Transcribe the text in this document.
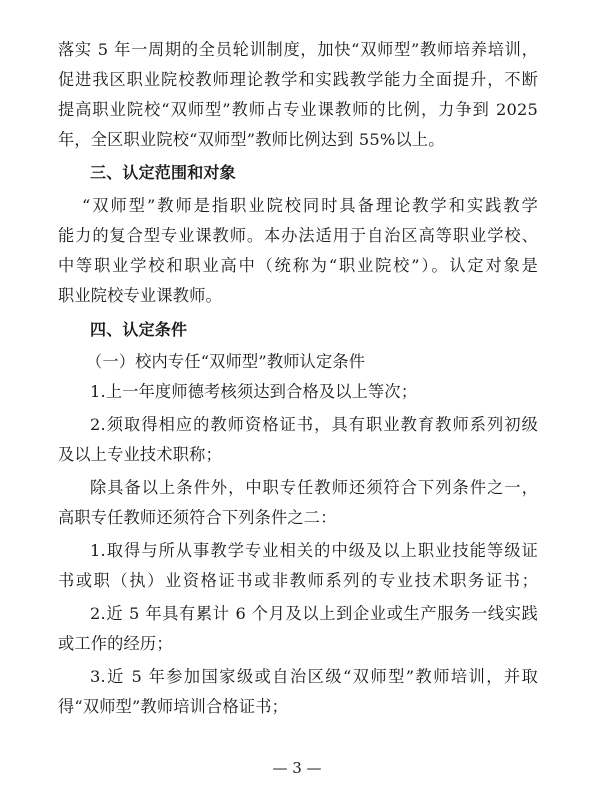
落实 5 年一周期的全员轮训制度，加快“双师型”教师培养培训，
促进我区职业院校教师理论教学和实践教学能力全面提升，不断
提高职业院校“双师型”教师占专业课教师的比例，力争到 2025
年，全区职业院校“双师型”教师比例达到 55%以上。
三、认定范围和对象
“双师型”教师是指职业院校同时具备理论教学和实践教学
能力的复合型专业课教师。本办法适用于自治区高等职业学校、
中等职业学校和职业高中（统称为“职业院校”）。认定对象是
职业院校专业课教师。
四、认定条件
（一）校内专任“双师型”教师认定条件
1.上一年度师德考核须达到合格及以上等次；
2.须取得相应的教师资格证书，具有职业教育教师系列初级
及以上专业技术职称；
除具备以上条件外，中职专任教师还须符合下列条件之一，
高职专任教师还须符合下列条件之二：
1.取得与所从事教学专业相关的中级及以上职业技能等级证
书或职（执）业资格证书或非教师系列的专业技术职务证书；
2.近 5 年具有累计 6 个月及以上到企业或生产服务一线实践
或工作的经历；
3.近 5 年参加国家级或自治区级“双师型”教师培训，并取
得“双师型”教师培训合格证书；
— 3 —
